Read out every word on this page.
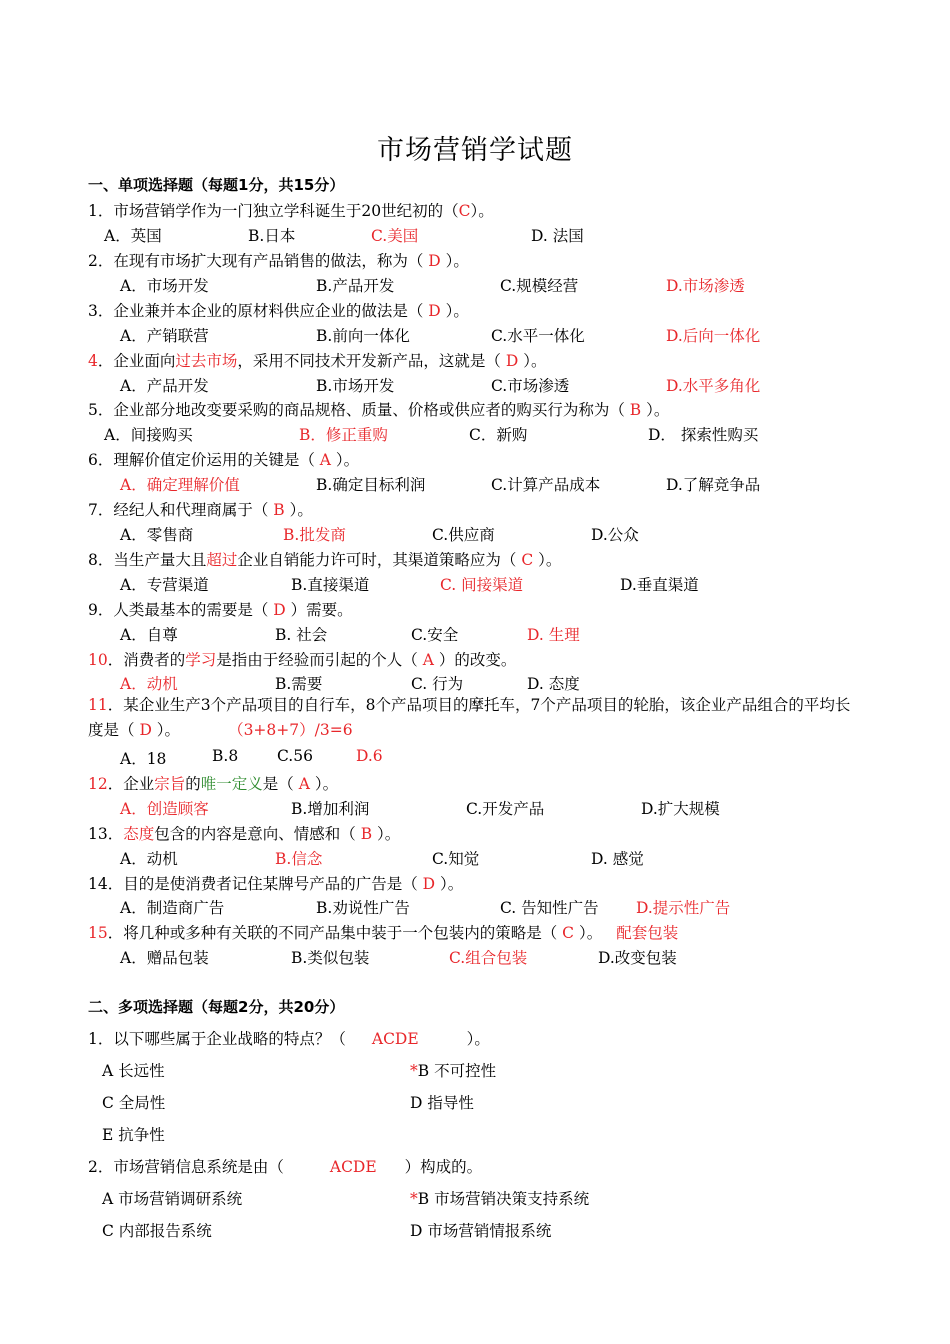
市场营销学试题
一、单项选择题（每题1分，共15分）
1．市场营销学作为一门独立学科诞生于20世纪初的（C）。
A．英国	B.日本	C.美国	D. 法国
2．在现有市场扩大现有产品销售的做法，称为（ D ）。
A．市场开发	B.产品开发	C.规模经营	D.市场渗透
3．企业兼并本企业的原材料供应企业的做法是（ D ）。
A．产销联营	B.前向一体化	C.水平一体化	D.后向一体化
4．企业面向过去市场，采用不同技术开发新产品，这就是（ D ）。
A．产品开发	B.市场开发	C.市场渗透	D.水平多角化
5．企业部分地改变要采购的商品规格、质量、价格或供应者的购买行为称为（ B ）。
A．间接购买	B．修正重购	C．新购	D． 探索性购买
6．理解价值定价运用的关键是（ A ）。
A．确定理解价值	B.确定目标利润	C.计算产品成本	D.了解竞争品
7．经纪人和代理商属于（ B ）。
A．零售商	B.批发商	C.供应商	D.公众
8．当生产量大且超过企业自销能力许可时，其渠道策略应为（ C ）。
A．专营渠道	B.直接渠道	C. 间接渠道	D.垂直渠道
9．人类最基本的需要是（ D ）需要。
A．自尊	B. 社会	C.安全	D. 生理
10．消费者的学习是指由于经验而引起的个人（ A ）的改变。
A．动机	B.需要	C. 行为	D. 态度
11．某企业生产3个产品项目的自行车，8个产品项目的摩托车，7个产品项目的轮胎，该企业产品组合的平均长度是（ D ）。	（3+8+7）/3=6
A．18	B.8	C.56	D.6
12．企业宗旨的唯一定义是（ A ）。
A．创造顾客	B.增加利润	C.开发产品	D.扩大规模
13．态度包含的内容是意向、情感和（ B ）。
A．动机	B.信念	C.知觉	D. 感觉
14．目的是使消费者记住某牌号产品的广告是（ D ）。
A．制造商广告	B.劝说性广告	C. 告知性广告 D.提示性广告
15．将几种或多种有关联的不同产品集中装于一个包装内的策略是（ C ）。 配套包装
A．赠品包装	B.类似包装	C.组合包装	D.改变包装
二、多项选择题（每题2分，共20分）
1．以下哪些属于企业战略的特点？（ ACDE	）。
A 长远性	*B 不可控性
C 全局性	D 指导性
E 抗争性
2．市场营销信息系统是由（	ACDE ）构成的。
A 市场营销调研系统	*B 市场营销决策支持系统
C 内部报告系统	D 市场营销情报系统
